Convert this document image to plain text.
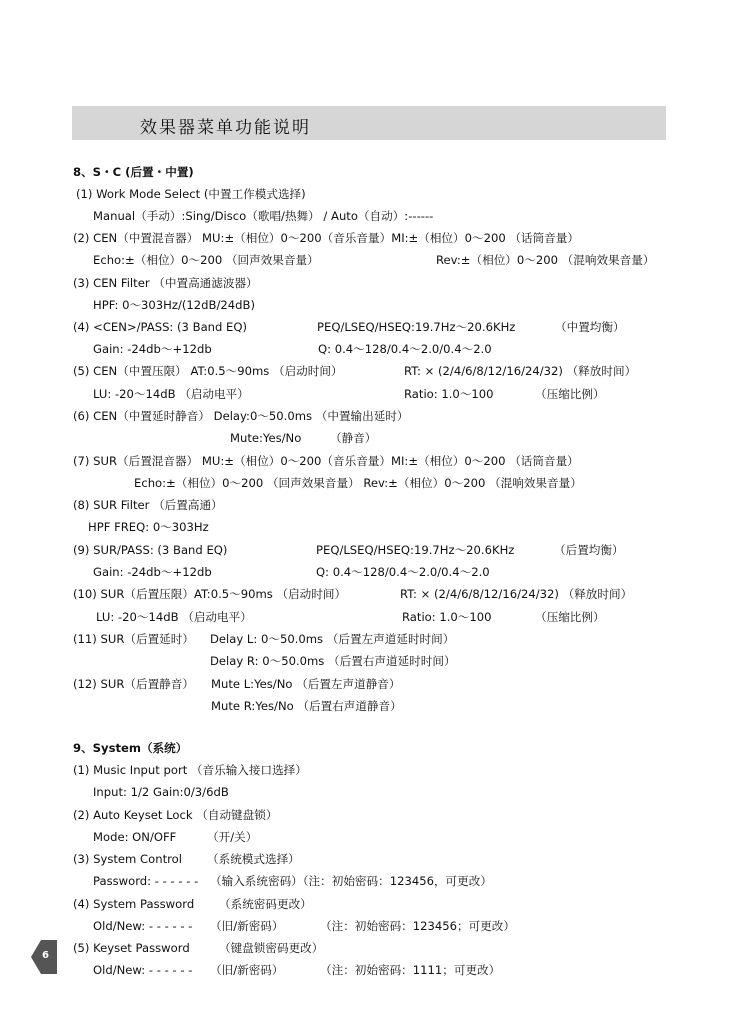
效果器菜单功能说明
8、S・C (后置・中置)
(1) Work Mode Select (中置工作模式选择)
Manual（手动）:Sing/Disco（歌唱/热舞） / Auto（自动）:------
(2) CEN（中置混音器） MU:±（相位）0～200（音乐音量）MI:±（相位）0～200 （话筒音量）
Echo:±（相位）0～200 （回声效果音量）	Rev:±（相位）0～200 （混响效果音量）
(3) CEN Filter （中置高通滤波器）
HPF: 0～303Hz/(12dB/24dB)
(4) <CEN>/PASS: (3 Band EQ)	PEQ/LSEQ/HSEQ:19.7Hz～20.6KHz	（中置均衡）
Gain: -24db～+12db	Q: 0.4～128/0.4～2.0/0.4～2.0
(5) CEN（中置压限） AT:0.5～90ms （启动时间）	RT: × (2/4/6/8/12/16/24/32) （释放时间）
LU: -20～14dB （启动电平）	Ratio: 1.0～100	（压缩比例）
(6) CEN（中置延时静音） Delay:0～50.0ms （中置输出延时）
Mute:Yes/No （静音）
(7) SUR（后置混音器） MU:±（相位）0～200（音乐音量）MI:±（相位）0～200 （话筒音量）
Echo:±（相位）0～200 （回声效果音量） Rev:±（相位）0～200 （混响效果音量）
(8) SUR Filter （后置高通）
HPF FREQ: 0～303Hz
(9) SUR/PASS: (3 Band EQ)	PEQ/LSEQ/HSEQ:19.7Hz～20.6KHz	（后置均衡）
Gain: -24db～+12db	Q: 0.4～128/0.4～2.0/0.4～2.0
(10) SUR（后置压限）AT:0.5～90ms （启动时间）	RT: × (2/4/6/8/12/16/24/32) （释放时间）
LU: -20～14dB （启动电平）	Ratio: 1.0～100	（压缩比例）
(11) SUR（后置延时） Delay L: 0～50.0ms （后置左声道延时时间）
Delay R: 0～50.0ms （后置右声道延时时间）
(12) SUR（后置静音） Mute L:Yes/No （后置左声道静音）
Mute R:Yes/No （后置右声道静音）
9、System（系统）
(1) Music Input port （音乐输入接口选择）
Input: 1/2 Gain:0/3/6dB
(2) Auto Keyset Lock （自动键盘锁）
Mode: ON/OFF	（开/关）
(3) System Control （系统模式选择）
Password: - - - - - - （输入系统密码）（注：初始密码：123456，可更改）
(4) System Password （系统密码更改）
Old/New: - - - - - - （旧/新密码）	（注：初始密码：123456；可更改）
(5) Keyset Password	（键盘锁密码更改）
Old/New: - - - - - - （旧/新密码）	（注：初始密码：1111；可更改）
6
